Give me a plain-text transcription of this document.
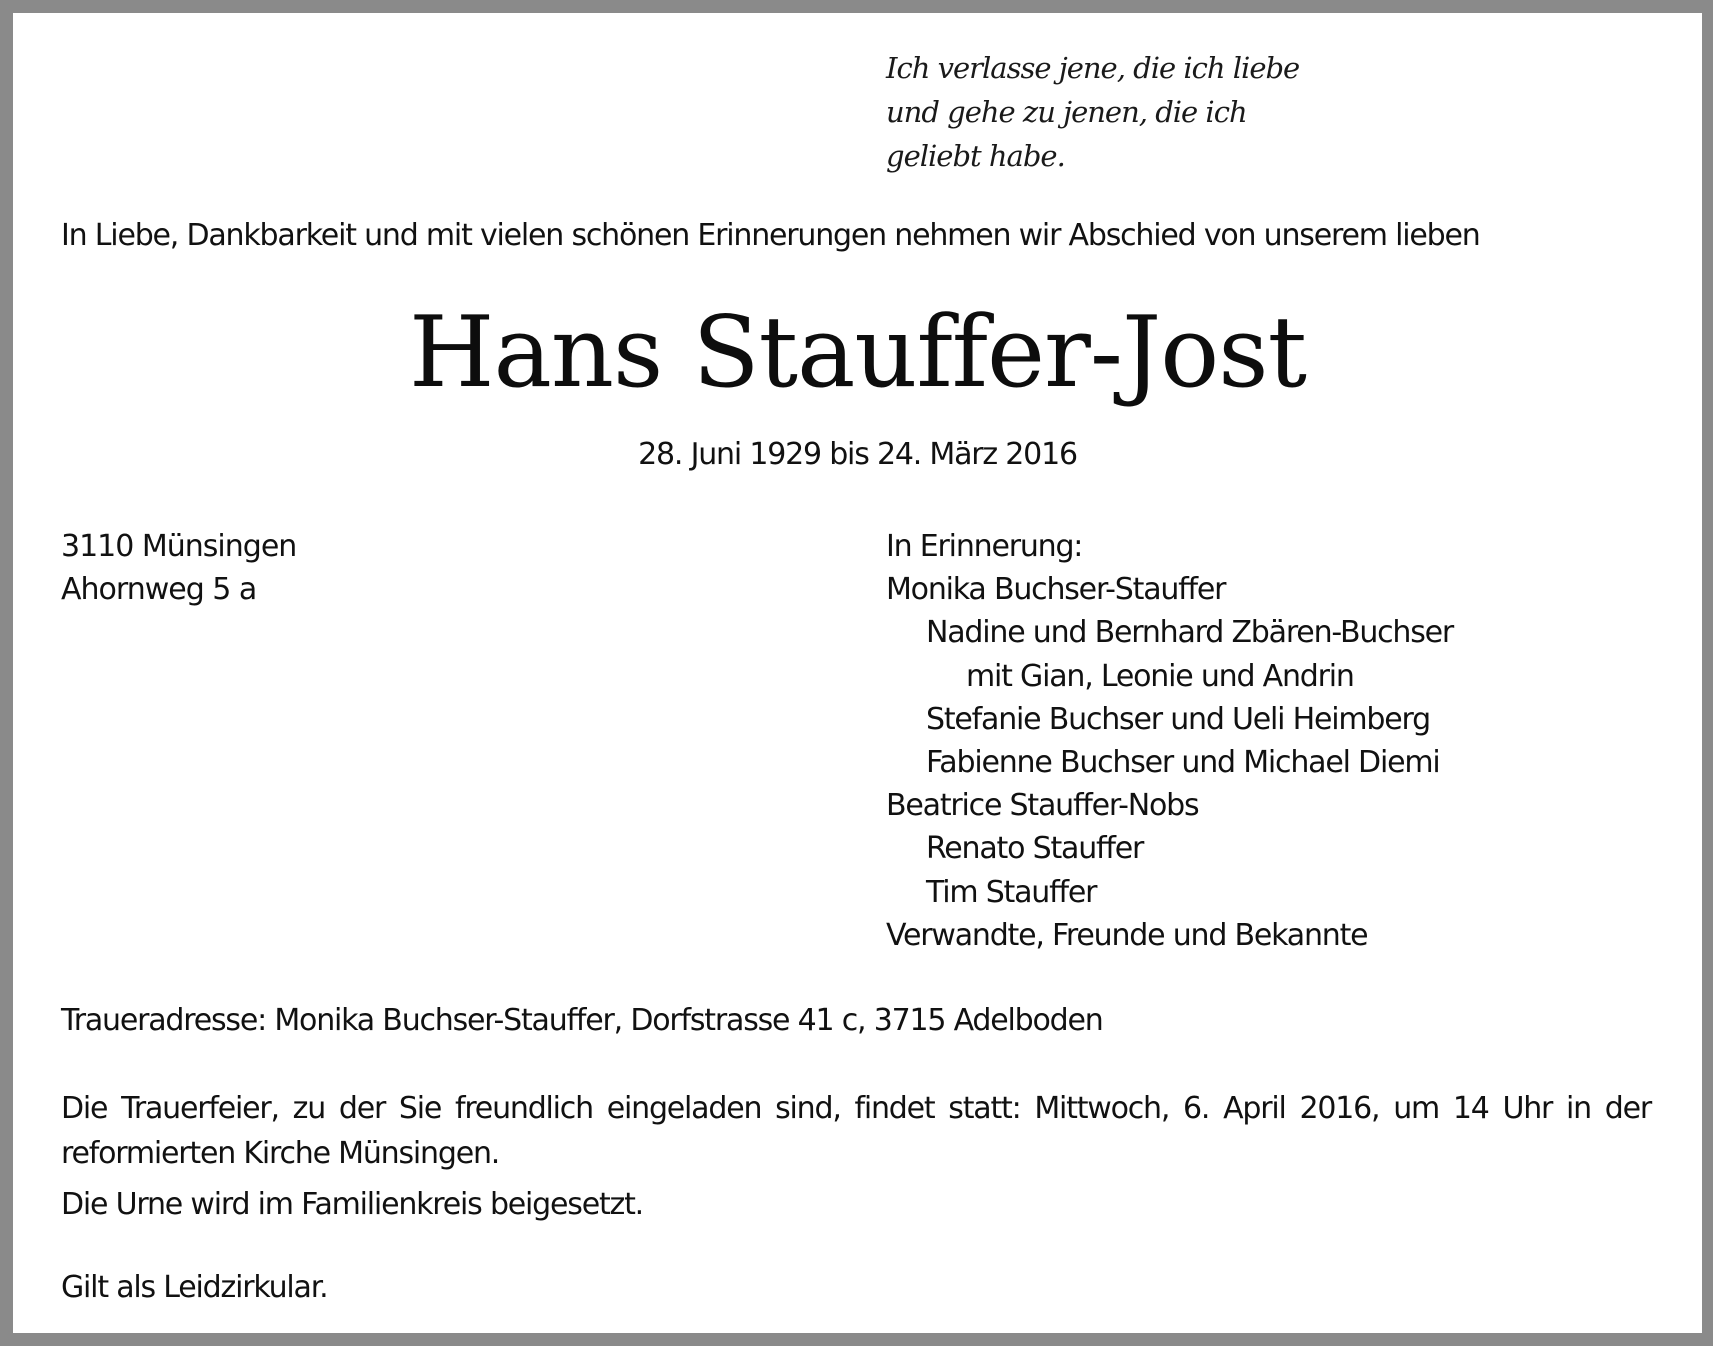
Ich verlasse jene, die ich liebe
und gehe zu jenen, die ich
geliebt habe.
In Liebe, Dankbarkeit und mit vielen schönen Erinnerungen nehmen wir Abschied von unserem lieben
Hans Stauffer-Jost
28. Juni 1929 bis 24. März 2016
3110 Münsingen
Ahornweg 5 a
In Erinnerung:
Monika Buchser-Stauffer
Nadine und Bernhard Zbären-Buchser
mit Gian, Leonie und Andrin
Stefanie Buchser und Ueli Heimberg
Fabienne Buchser und Michael Diemi
Beatrice Stauffer-Nobs
Renato Stauffer
Tim Stauffer
Verwandte, Freunde und Bekannte
Traueradresse: Monika Buchser-Stauffer, Dorfstrasse 41 c, 3715 Adelboden
Die Trauerfeier, zu der Sie freundlich eingeladen sind, findet statt: Mittwoch, 6. April 2016, um 14 Uhr in der reformierten Kirche Münsingen.
Die Urne wird im Familienkreis beigesetzt.
Gilt als Leidzirkular.
